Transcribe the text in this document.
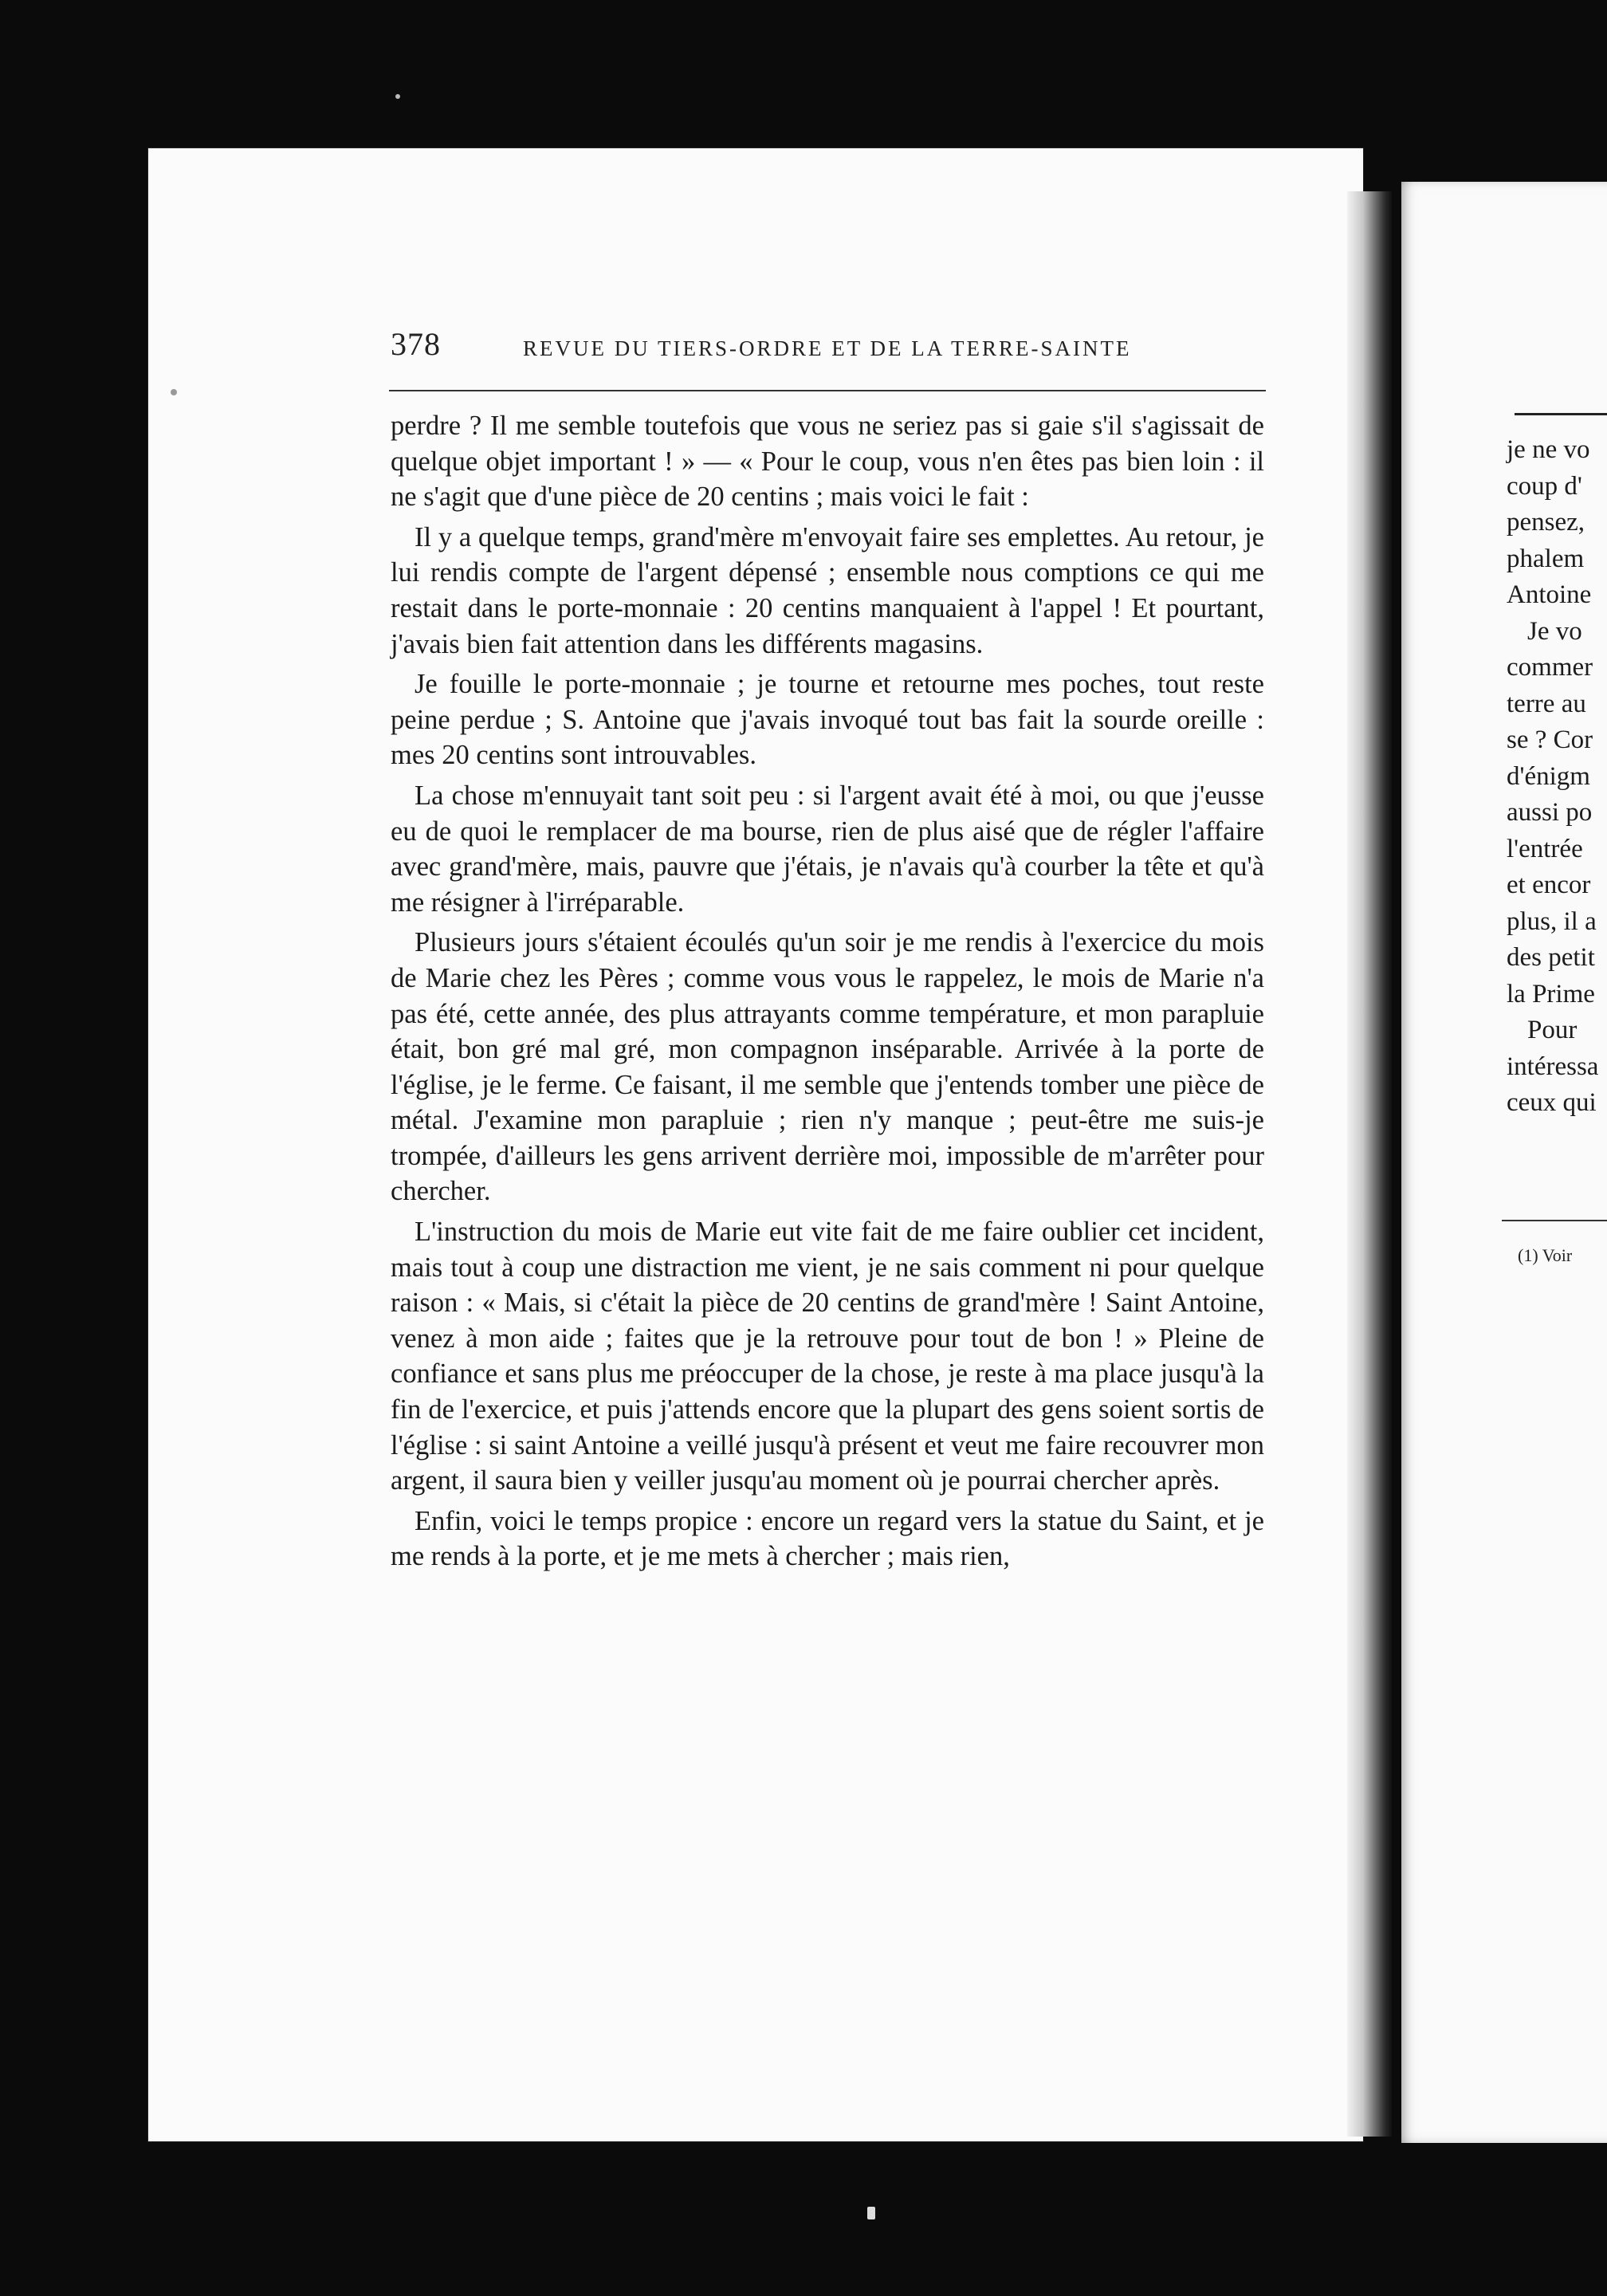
378	REVUE DU TIERS-ORDRE ET DE LA TERRE-SAINTE

perdre ? Il me semble toutefois que vous ne seriez pas si gaie s'il s'agissait de quelque objet important ! » — « Pour le coup, vous n'en êtes pas bien loin : il ne s'agit que d'une pièce de 20 centins ; mais voici le fait :

Il y a quelque temps, grand'mère m'envoyait faire ses emplettes. Au retour, je lui rendis compte de l'argent dépensé ; ensemble nous comptions ce qui me restait dans le porte-monnaie : 20 centins manquaient à l'appel ! Et pourtant, j'avais bien fait attention dans les différents magasins.

Je fouille le porte-monnaie ; je tourne et retourne mes poches, tout reste peine perdue ; S. Antoine que j'avais invoqué tout bas fait la sourde oreille : mes 20 centins sont introuvables.

La chose m'ennuyait tant soit peu : si l'argent avait été à moi, ou que j'eusse eu de quoi le remplacer de ma bourse, rien de plus aisé que de régler l'affaire avec grand'mère, mais, pauvre que j'étais, je n'avais qu'à courber la tête et qu'à me résigner à l'irréparable.

Plusieurs jours s'étaient écoulés qu'un soir je me rendis à l'exercice du mois de Marie chez les Pères ; comme vous vous le rappelez, le mois de Marie n'a pas été, cette année, des plus attrayants comme température, et mon parapluie était, bon gré mal gré, mon compagnon inséparable. Arrivée à la porte de l'église, je le ferme. Ce faisant, il me semble que j'entends tomber une pièce de métal. J'examine mon parapluie ; rien n'y manque ; peut-être me suis-je trompée, d'ailleurs les gens arrivent derrière moi, impossible de m'arrêter pour chercher.

L'instruction du mois de Marie eut vite fait de me faire oublier cet incident, mais tout à coup une distraction me vient, je ne sais comment ni pour quelque raison : « Mais, si c'était la pièce de 20 centins de grand'mère ! Saint Antoine, venez à mon aide ; faites que je la retrouve pour tout de bon ! » Pleine de confiance et sans plus me préoccuper de la chose, je reste à ma place jusqu'à la fin de l'exercice, et puis j'attends encore que la plupart des gens soient sortis de l'église : si saint Antoine a veillé jusqu'à présent et veut me faire recouvrer mon argent, il saura bien y veiller jusqu'au moment où je pourrai chercher après.

Enfin, voici le temps propice : encore un regard vers la statue du Saint, et je me rends à la porte, et je me mets à chercher ; mais rien,

je ne vo
coup d'
pensez,
phalem
Antoine
Je vo
commer
terre au
se ? Cor
d'énigm
aussi po
l'entrée
et encor
plus, il a
des petit
la Prime
Pour
intéressa
ceux qui
(1) Voir
